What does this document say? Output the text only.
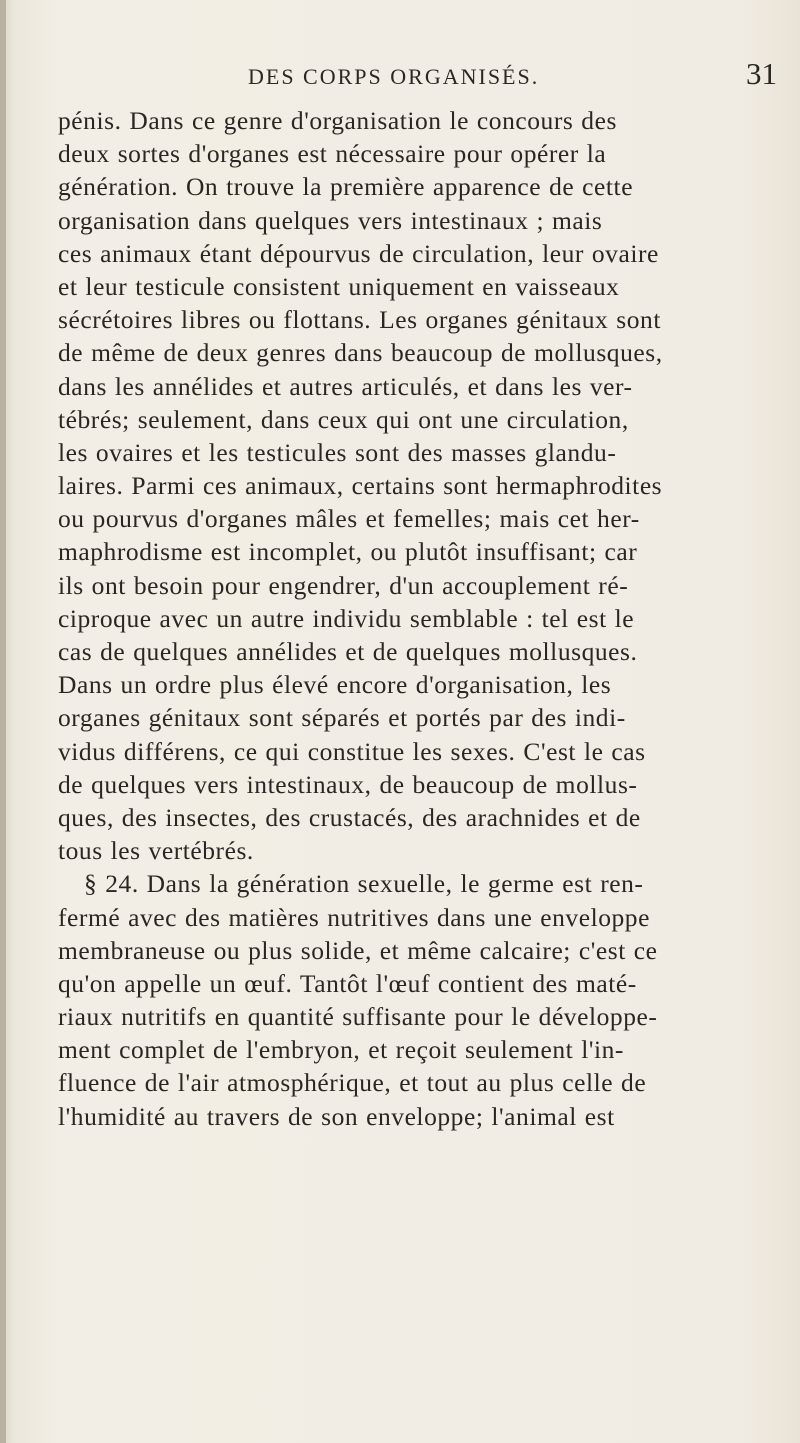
DES CORPS ORGANISÉS.	31
pénis. Dans ce genre d'organisation le concours des
deux sortes d'organes est nécessaire pour opérer la
génération. On trouve la première apparence de cette
organisation dans quelques vers intestinaux ; mais
ces animaux étant dépourvus de circulation, leur ovaire
et leur testicule consistent uniquement en vaisseaux
sécrétoires libres ou flottans. Les organes génitaux sont
de même de deux genres dans beaucoup de mollusques,
dans les annélides et autres articulés, et dans les ver-
tébrés; seulement, dans ceux qui ont une circulation,
les ovaires et les testicules sont des masses glandu-
laires. Parmi ces animaux, certains sont hermaphrodites
ou pourvus d'organes mâles et femelles; mais cet her-
maphrodisme est incomplet, ou plutôt insuffisant; car
ils ont besoin pour engendrer, d'un accouplement ré-
ciproque avec un autre individu semblable : tel est le
cas de quelques annélides et de quelques mollusques.
Dans un ordre plus élevé encore d'organisation, les
organes génitaux sont séparés et portés par des indi-
vidus différens, ce qui constitue les sexes. C'est le cas
de quelques vers intestinaux, de beaucoup de mollus-
ques, des insectes, des crustacés, des arachnides et de
tous les vertébrés.
§ 24. Dans la génération sexuelle, le germe est ren-
fermé avec des matières nutritives dans une enveloppe
membraneuse ou plus solide, et même calcaire; c'est ce
qu'on appelle un œuf. Tantôt l'œuf contient des maté-
riaux nutritifs en quantité suffisante pour le développe-
ment complet de l'embryon, et reçoit seulement l'in-
fluence de l'air atmosphérique, et tout au plus celle de
l'humidité au travers de son enveloppe; l'animal est
